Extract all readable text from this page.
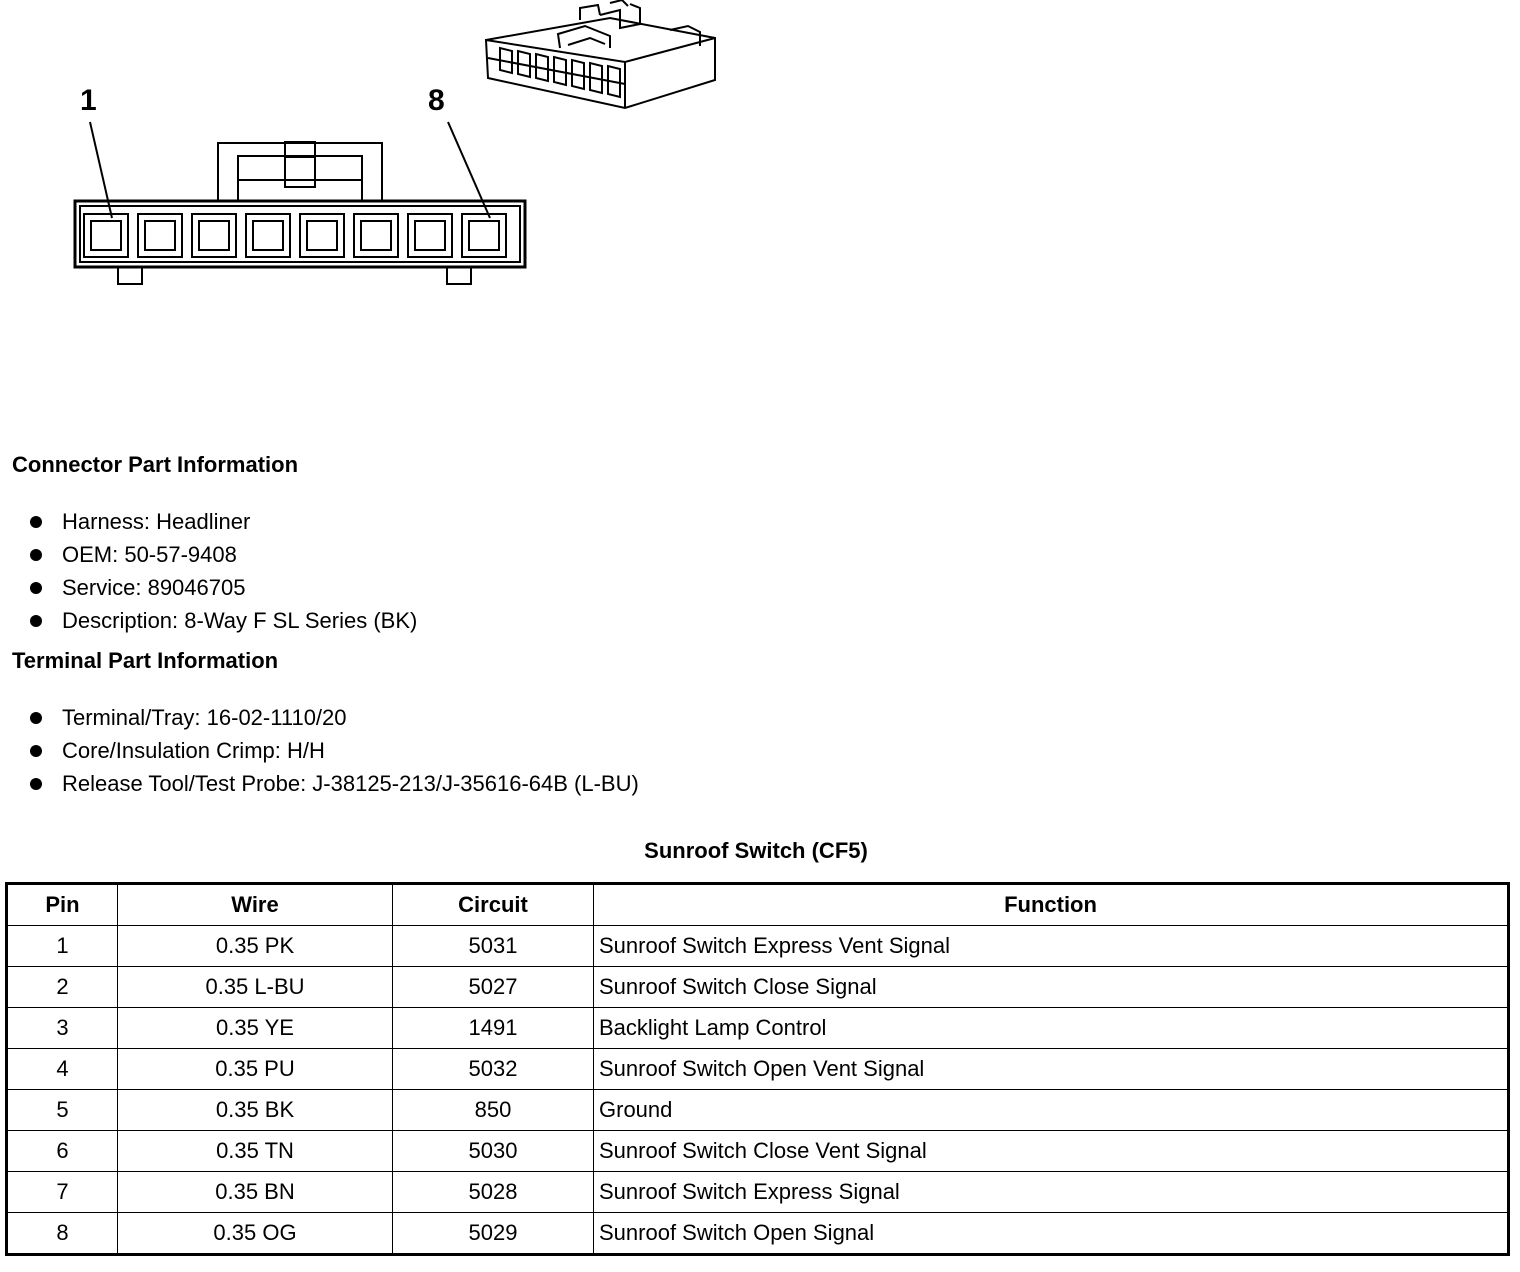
1	8
Connector Part Information
Harness: Headliner
OEM: 50-57-9408
Service: 89046705
Description: 8-Way F SL Series (BK)
Terminal Part Information
Terminal/Tray: 16-02-1110/20
Core/Insulation Crimp: H/H
Release Tool/Test Probe: J-38125-213/J-35616-64B (L-BU)
Sunroof Switch (CF5)
Pin	Wire	Circuit	Function
1	0.35 PK	5031	Sunroof Switch Express Vent Signal
2	0.35 L-BU	5027	Sunroof Switch Close Signal
3	0.35 YE	1491	Backlight Lamp Control
4	0.35 PU	5032	Sunroof Switch Open Vent Signal
5	0.35 BK	850	Ground
6	0.35 TN	5030	Sunroof Switch Close Vent Signal
7	0.35 BN	5028	Sunroof Switch Express Signal
8	0.35 OG	5029	Sunroof Switch Open Signal
